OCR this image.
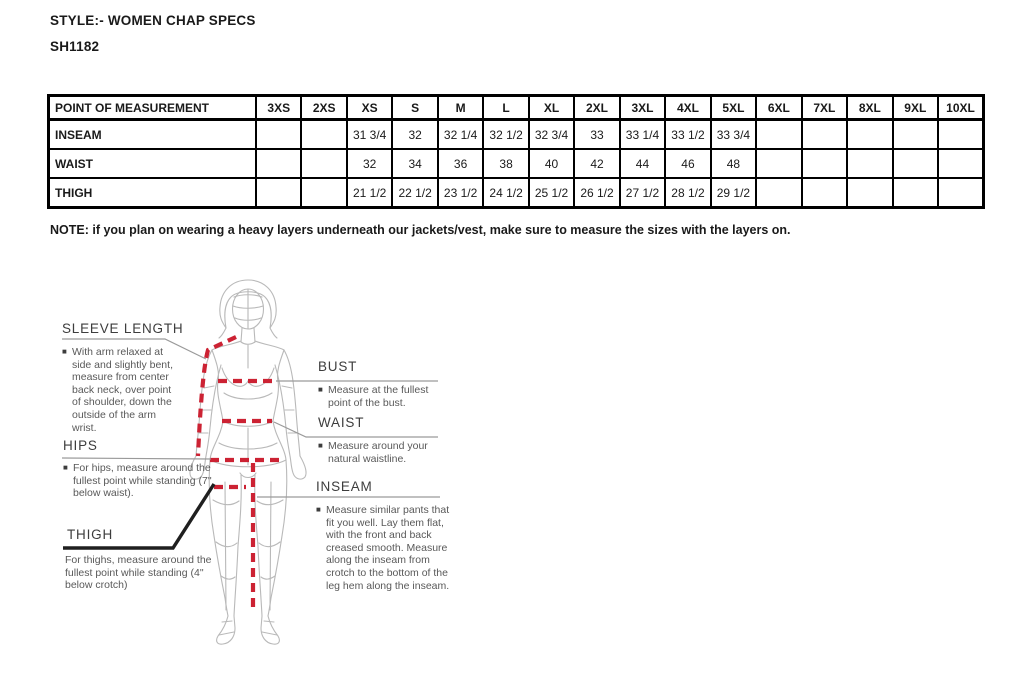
STYLE:- WOMEN CHAP SPECS
SH1182
POINT OF MEASUREMENT	3XS	2XS	XS	S	M	L	XL	2XL	3XL	4XL	5XL	6XL	7XL	8XL	9XL	10XL
INSEAM			31 3/4	32	32 1/4	32 1/2	32 3/4	33	33 1/4	33 1/2	33 3/4					
WAIST			32	34	36	38	40	42	44	46	48					
THIGH			21 1/2	22 1/2	23 1/2	24 1/2	25 1/2	26 1/2	27 1/2	28 1/2	29 1/2					
NOTE: if you plan on wearing a heavy layers underneath our jackets/vest, make sure to measure the sizes with the layers on.
SLEEVE LENGTH
■ With arm relaxed at side and slightly bent, measure from center back neck, over point of shoulder, down the outside of the arm wrist.
HIPS
■ For hips, measure around the fullest point while standing (7" below waist).
THIGH
For thighs, measure around the fullest point while standing (4" below crotch)
BUST
■ Measure at the fullest point of the bust.
WAIST
■ Measure around your natural waistline.
INSEAM
■ Measure similar pants that fit you well. Lay them flat, with the front and back creased smooth. Measure along the inseam from crotch to the bottom of the leg hem along the inseam.
